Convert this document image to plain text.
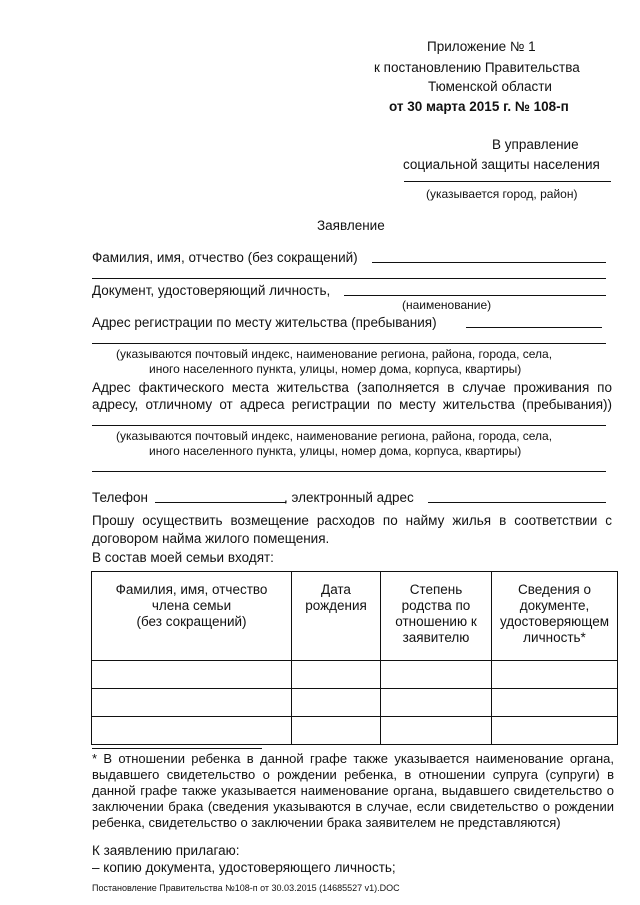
Приложение № 1
к постановлению Правительства
Тюменской области
от 30 марта 2015 г. № 108-п
В управление
социальной защиты населения
(указывается город, район)
Заявление
Фамилия, имя, отчество (без сокращений)
Документ, удостоверяющий личность,
(наименование)
Адрес регистрации по месту жительства (пребывания)
(указываются почтовый индекс, наименование региона, района, города, села,
иного населенного пункта, улицы, номер дома, корпуса, квартиры)
Адрес фактического места жительства (заполняется в случае проживания по
адресу, отличному от адреса регистрации по месту жительства (пребывания))
(указываются почтовый индекс, наименование региона, района, города, села,
иного населенного пункта, улицы, номер дома, корпуса, квартиры)
Телефон	, электронный адрес
Прошу осуществить возмещение расходов по найму жилья в соответствии с
договором найма жилого помещения.
В состав моей семьи входят:
Фамилия, имя, отчество
члена семьи
(без сокращений)	Дата
рождения	Степень
родства по
отношению к
заявителю	Сведения о
документе,
удостоверяющем
личность*

* В отношении ребенка в данной графе также указывается наименование органа, выдавшего свидетельство о рождении ребенка, в отношении супруга (супруги) в данной графе также указывается наименование органа, выдавшего свидетельство о заключении брака (сведения указываются в случае, если свидетельство о рождении ребенка, свидетельство о заключении брака заявителем не представляются)
К заявлению прилагаю:
– копию документа, удостоверяющего личность;
Постановление Правительства №108-п от 30.03.2015 (14685527 v1).DOC
